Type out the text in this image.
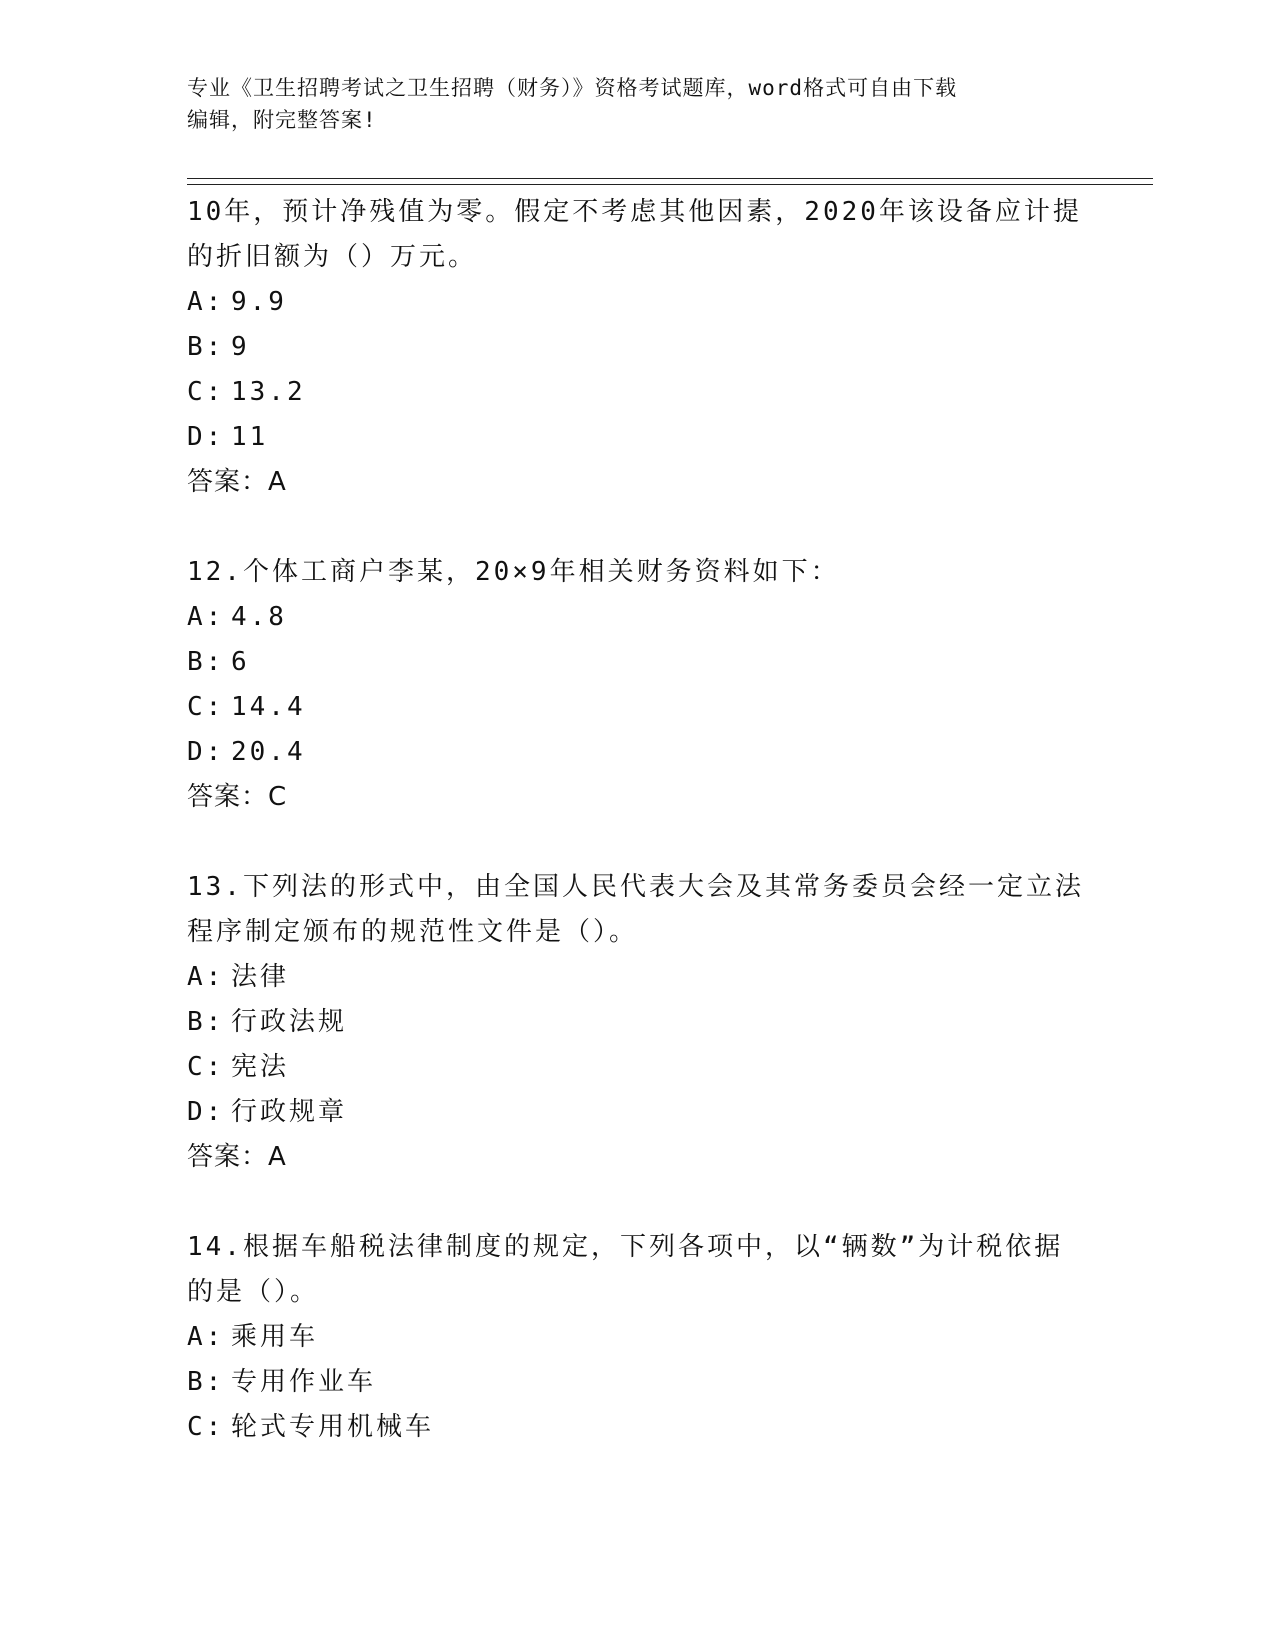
专业《卫生招聘考试之卫生招聘（财务）》资格考试题库，word格式可自由下载
编辑，附完整答案!
10年，预计净残值为零。假定不考虑其他因素，2020年该设备应计提
的折旧额为（）万元。
A: 9.9
B: 9
C: 13.2
D: 11
答案：A
12.个体工商户李某，20×9年相关财务资料如下：
A: 4.8
B: 6
C: 14.4
D: 20.4
答案：C
13.下列法的形式中，由全国人民代表大会及其常务委员会经一定立法
程序制定颁布的规范性文件是（）。
A: 法律
B: 行政法规
C: 宪法
D: 行政规章
答案：A
14.根据车船税法律制度的规定，下列各项中，以“辆数”为计税依据
的是（）。
A: 乘用车
B: 专用作业车
C: 轮式专用机械车
